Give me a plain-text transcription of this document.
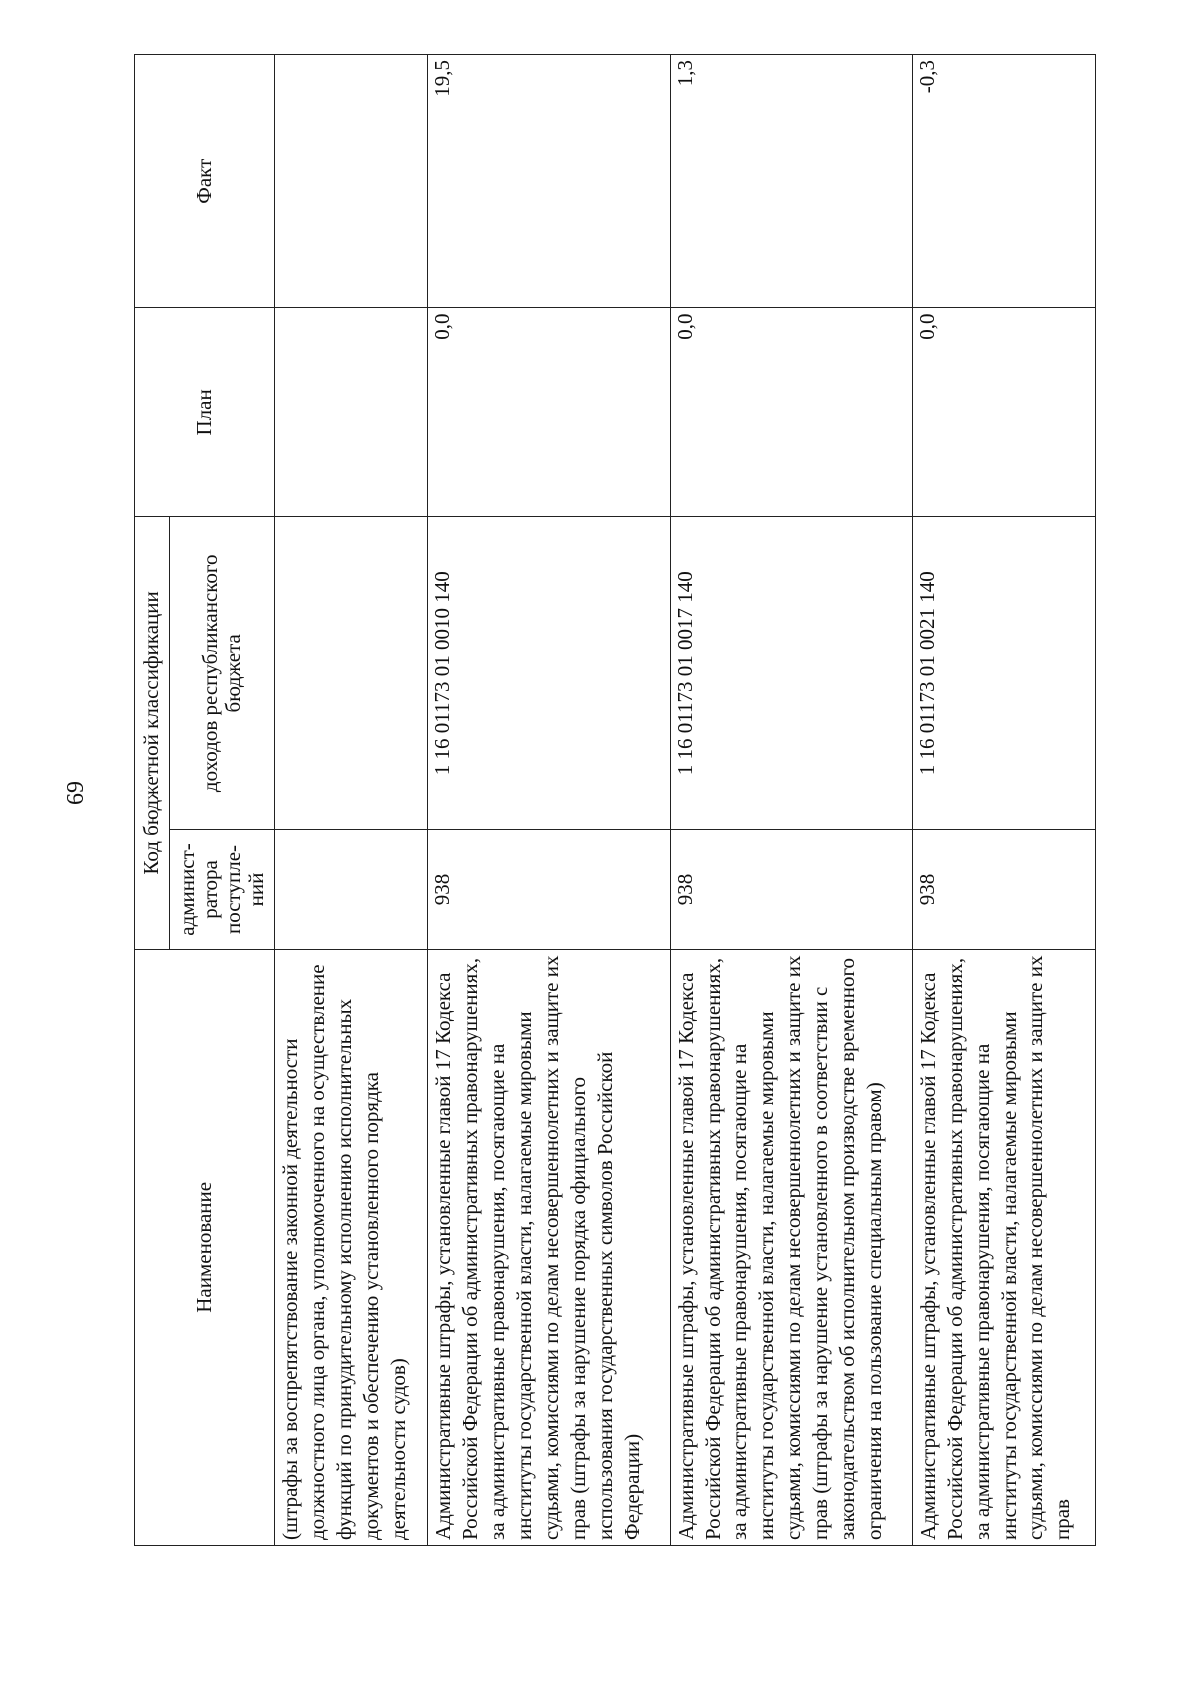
69
Наименование	Код бюджетной классификации		План	Факт
	админист-ратора поступле-ний	доходов республиканского бюджета		
(штрафы за воспрепятствование законной деятельности должностного лица органа, уполномоченного на осуществление функций по принудительному исполнению исполнительных документов и обеспечению установленного порядка деятельности судов)				
Административные штрафы, установленные главой 17 Кодекса Российской Федерации об административных правонарушениях, за административные правонарушения, посягающие на институты государственной власти, налагаемые мировыми судьями, комиссиями по делам несовершеннолетних и защите их прав (штрафы за нарушение порядка официального использования государственных символов Российской Федерации)	938	1 16 01173 01 0010 140	0,0	19,5
Административные штрафы, установленные главой 17 Кодекса Российской Федерации об административных правонарушениях, за административные правонарушения, посягающие на институты государственной власти, налагаемые мировыми судьями, комиссиями по делам несовершеннолетних и защите их прав (штрафы за нарушение установленного в соответствии с законодательством об исполнительном производстве временного ограничения на пользование специальным правом)	938	1 16 01173 01 0017 140	0,0	1,3
Административные штрафы, установленные главой 17 Кодекса Российской Федерации об административных правонарушениях, за административные правонарушения, посягающие на институты государственной власти, налагаемые мировыми судьями, комиссиями по делам несовершеннолетних и защите их прав	938	1 16 01173 01 0021 140	0,0	-0,3
